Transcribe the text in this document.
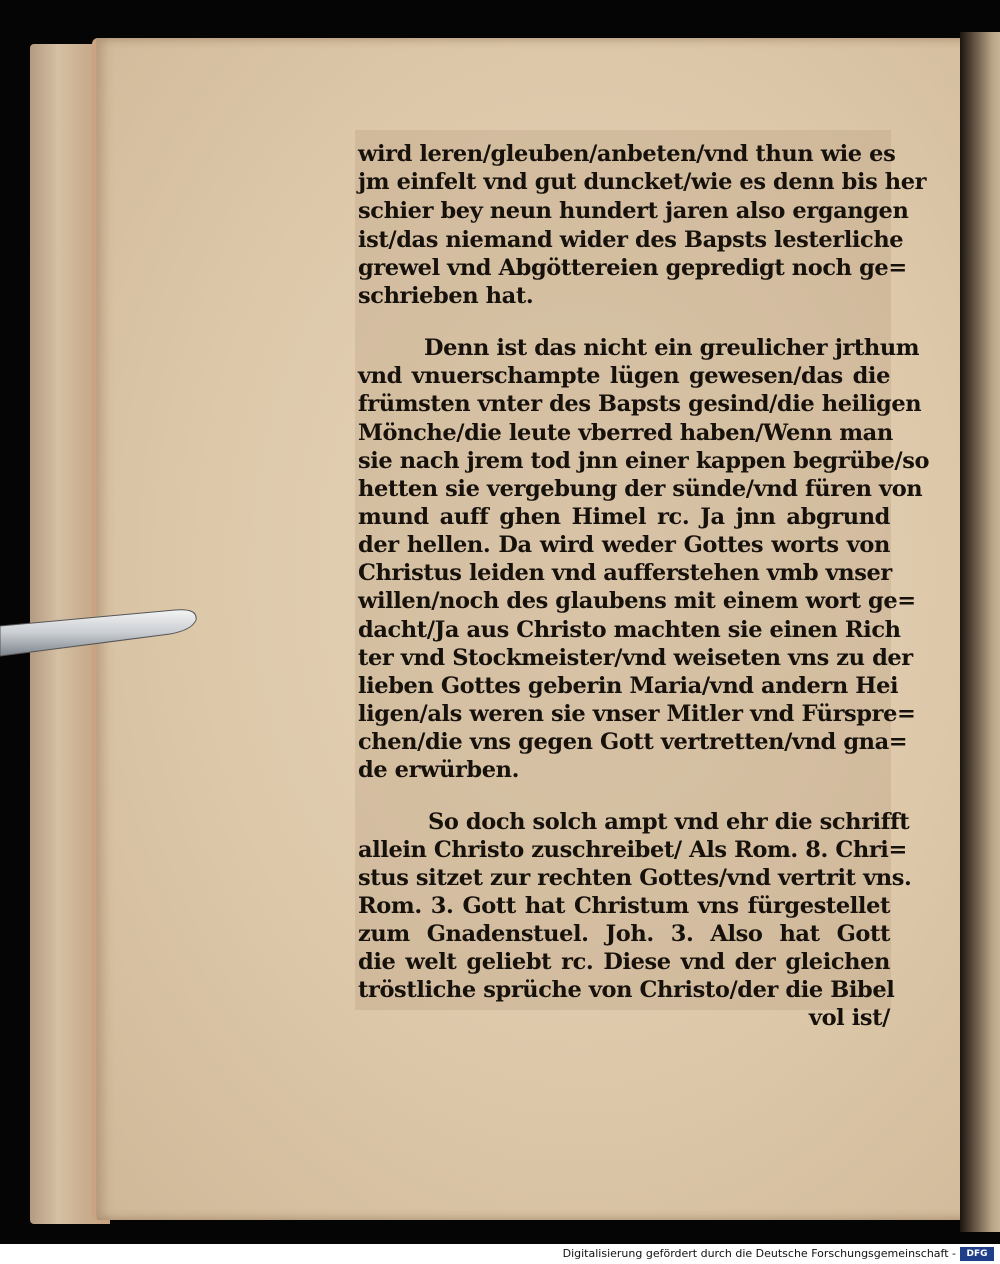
wird leren/gleuben/anbeten/vnd thun wie es
jm einfelt vnd gut duncket/wie es denn bis her
schier bey neun hundert jaren also ergangen
ist/das niemand wider des Bapsts lesterliche
grewel vnd Abgöttereien gepredigt noch ge=
schrieben hat.
Denn ist das nicht ein greulicher jrthum
vnd vnuerschampte lügen gewesen/das die
frümsten vnter des Bapsts gesind/die heiligen
Mönche/die leute vberred haben/Wenn man
sie nach jrem tod jnn einer kappen begrübe/so
hetten sie vergebung der sünde/vnd füren von
mund auff ghen Himel rc. Ja jnn abgrund
der hellen. Da wird weder Gottes worts von
Christus leiden vnd aufferstehen vmb vnser
willen/noch des glaubens mit einem wort ge=
dacht/Ja aus Christo machten sie einen Rich
ter vnd Stockmeister/vnd weiseten vns zu der
lieben Gottes geberin Maria/vnd andern Hei
ligen/als weren sie vnser Mitler vnd Fürspre=
chen/die vns gegen Gott vertretten/vnd gna=
de erwürben.
So doch solch ampt vnd ehr die schrifft
allein Christo zuschreibet/ Als Rom. 8. Chri=
stus sitzet zur rechten Gottes/vnd vertrit vns.
Rom. 3. Gott hat Christum vns fürgestellet
zum Gnadenstuel. Joh. 3. Also hat Gott
die welt geliebt rc. Diese vnd der gleichen
tröstliche sprüche von Christo/der die Bibel
vol ist/
Digitalisierung gefördert durch die Deutsche Forschungsgemeinschaft -	DFG
